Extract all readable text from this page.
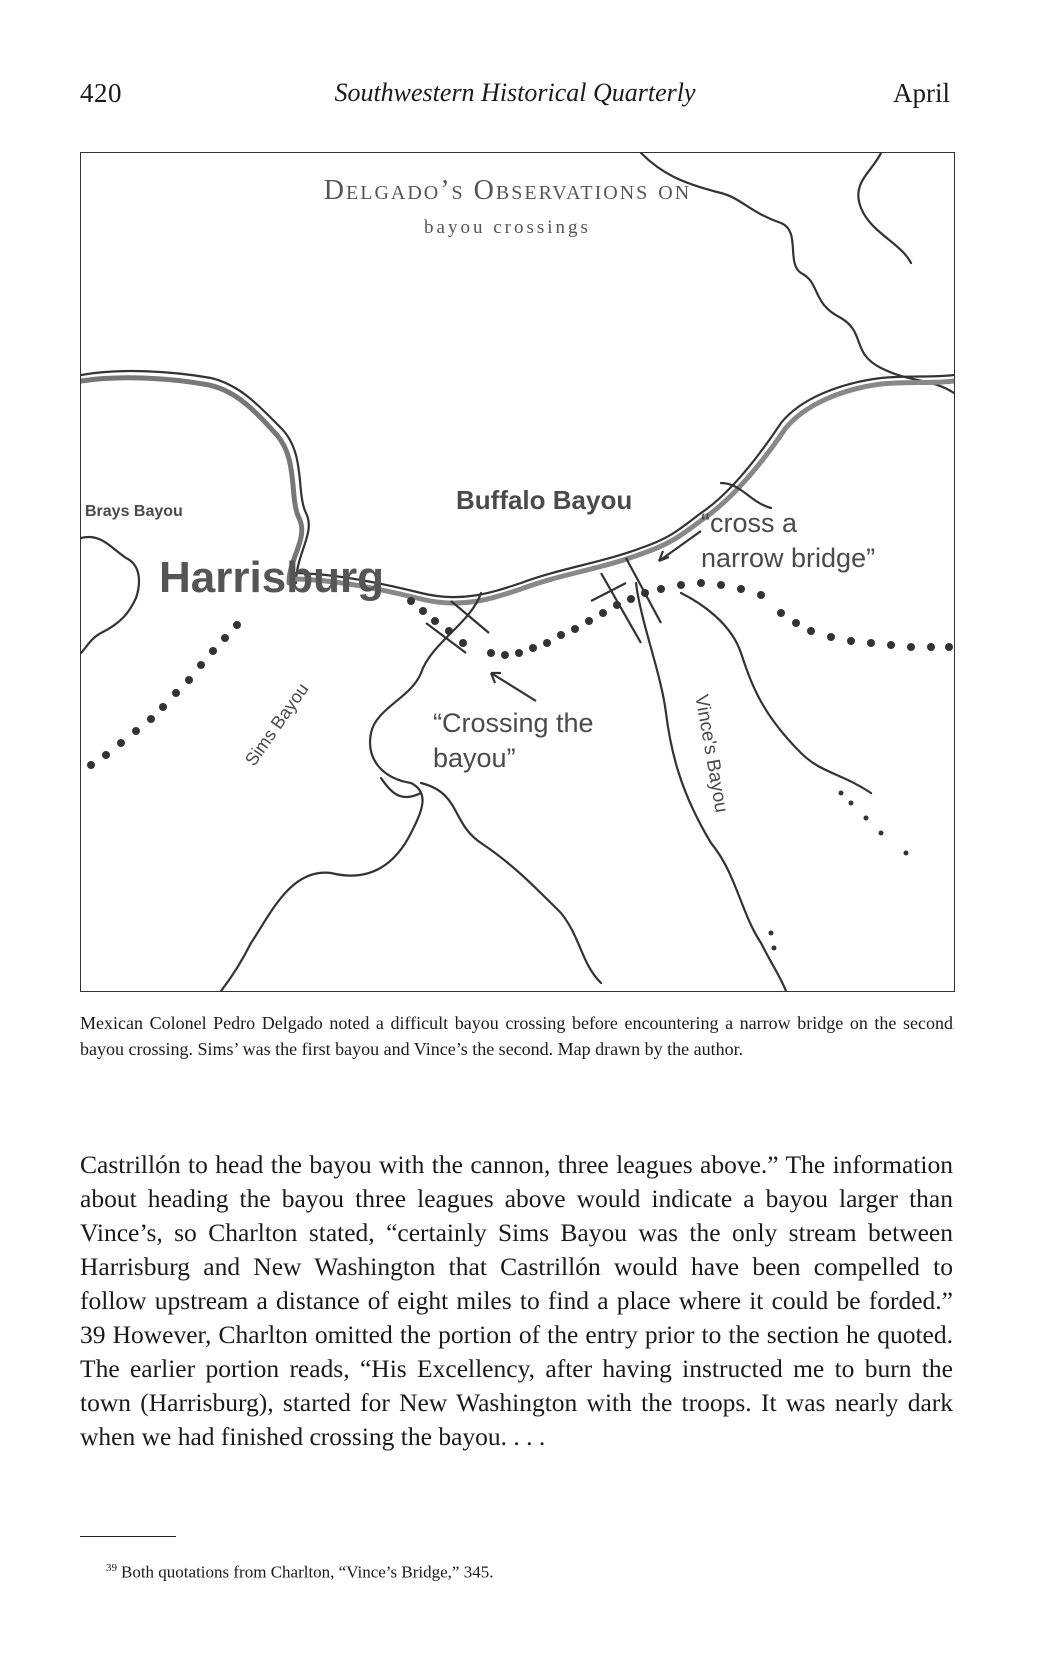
420	Southwestern Historical Quarterly	April
Delgado’s Observations on
bayou crossings
Brays Bayou	Buffalo Bayou
Harrisburg
Sims Bayou	Vince's Bayou
“Crossing the
bayou”
“cross a
narrow bridge”
Mexican Colonel Pedro Delgado noted a difficult bayou crossing before encountering a narrow bridge on the second bayou crossing. Sims’ was the first bayou and Vince’s the second. Map drawn by the author.

Castrillón to head the bayou with the cannon, three leagues above.” The information about heading the bayou three leagues above would indicate a bayou larger than Vince’s, so Charlton stated, “certainly Sims Bayou was the only stream between Harrisburg and New Washington that Castrillón would have been compelled to follow upstream a distance of eight miles to find a place where it could be forded.” 39 However, Charlton omitted the portion of the entry prior to the section he quoted. The earlier portion reads, “His Excellency, after having instructed me to burn the town (Harrisburg), started for New Washington with the troops. It was nearly dark when we had finished crossing the bayou. . . .

$^{39}$ Both quotations from Charlton, “Vince’s Bridge,” 345.
